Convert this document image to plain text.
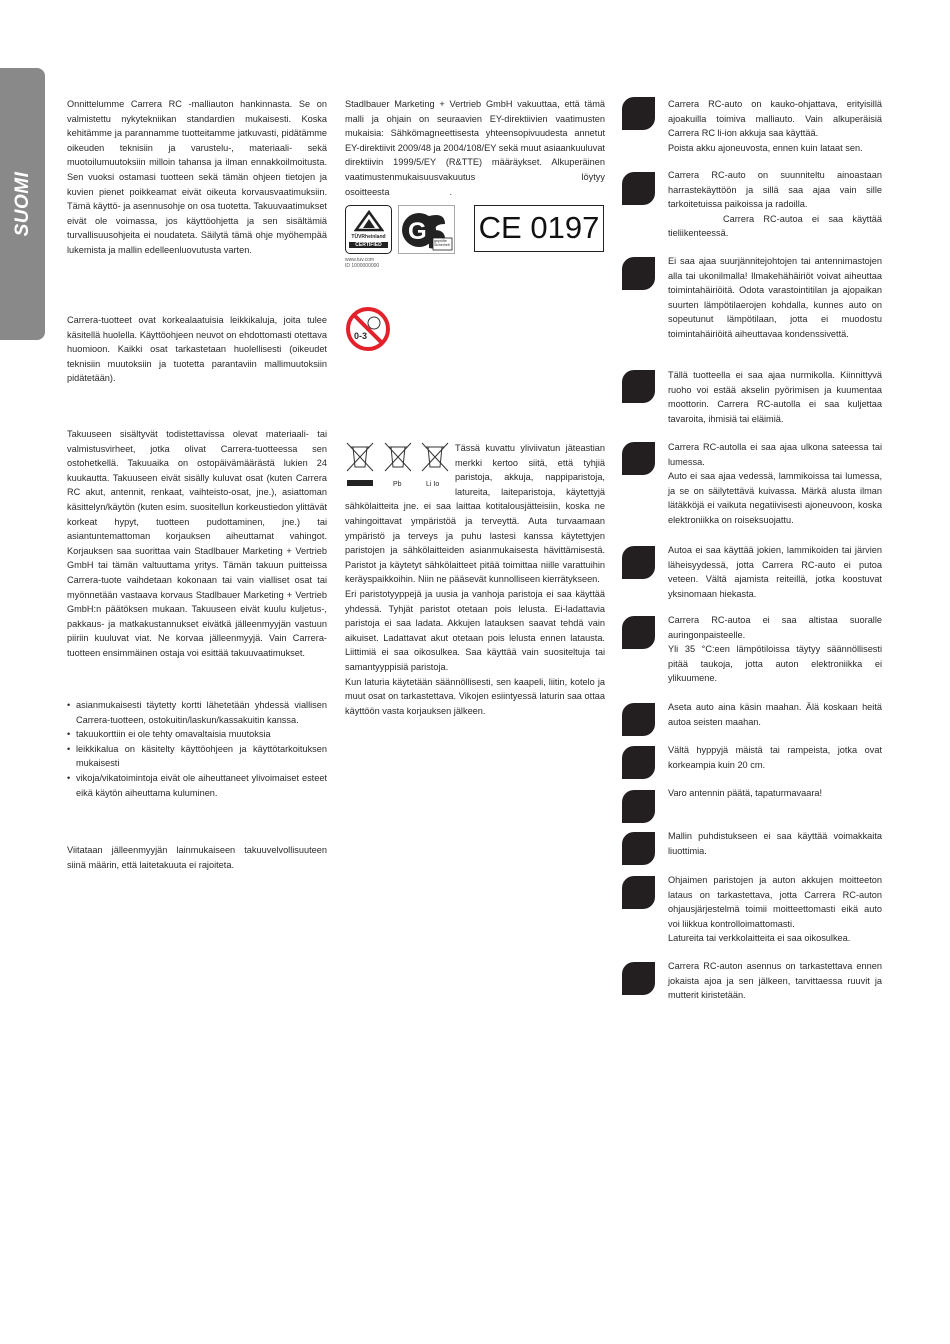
SUOMI

Onnittelumme Carrera RC -malliauton hankinnasta. Se on valmistettu nykytekniikan standardien mukaisesti. Koska kehitämme ja parannamme tuotteitamme jatkuvasti, pidätämme oikeuden teknisiin ja varustelu-, materiaali- sekä muotoilumuutoksiin milloin tahansa ja ilman ennakkoilmoitusta. Sen vuoksi ostamasi tuotteen sekä tämän ohjeen tietojen ja kuvien pienet poikkeamat eivät oikeuta korvausvaatimuksiin. Tämä käyttö- ja asennusohje on osa tuotetta. Takuuvaatimukset eivät ole voimassa, jos käyttöohjetta ja sen sisältämiä turvallisuusohjeita ei noudateta. Säilytä tämä ohje myöhempää lukemista ja mallin edelleenluovutusta varten.

Carrera-tuotteet ovat korkealaatuisia leikkikaluja, joita tulee käsitellä huolella. Käyttöohjeen neuvot on ehdottomasti otettava huomioon. Kaikki osat tarkastetaan huolellisesti (oikeudet teknisiin muutoksiin ja tuotetta parantaviin mallimuutoksiin pidätetään).

Takuuseen sisältyvät todistettavissa olevat materiaali- tai valmistusvirheet, jotka olivat Carrera-tuotteessa sen ostohetkellä. Takuuaika on ostopäivämäärästä lukien 24 kuukautta. Takuuseen eivät sisälly kuluvat osat (kuten Carrera RC akut, antennit, renkaat, vaihteisto-osat, jne.), asiattoman käsittelyn/käytön (kuten esim. suositellun korkeustiedon ylittävät korkeat hypyt, tuotteen pudottaminen, jne.) tai asiantuntemattoman korjauksen aiheuttamat vahingot. Korjauksen saa suorittaa vain Stadlbauer Marketing + Vertrieb GmbH tai tämän valtuuttama yritys. Tämän takuun puitteissa Carrera-tuote vaihdetaan kokonaan tai vain vialliset osat tai myönnetään vastaava korvaus Stadlbauer Marketing + Vertrieb GmbH:n päätöksen mukaan. Takuuseen eivät kuulu kuljetus-, pakkaus- ja matkakustannukset eivätkä jälleenmyyjän vastuun piiriin kuuluvat viat. Ne korvaa jälleenmyyjä. Vain Carrera-tuotteen ensimmäinen ostaja voi esittää takuuvaatimukset.

• asianmukaisesti täytetty kortti lähetetään yhdessä viallisen Carrera-tuotteen, ostokuitin/laskun/kassakuitin kanssa.
• takuukorttiin ei ole tehty omavaltaisia muutoksia
• leikkikalua on käsitelty käyttöohjeen ja käyttötarkoituksen mukaisesti
• vikoja/vikatoimintoja eivät ole aiheuttaneet ylivoimaiset esteet eikä käytön aiheuttama kuluminen.

Viitataan jälleenmyyjän lainmukaiseen takuuvelvollisuuteen siinä määrin, että laitetakuuta ei rajoiteta.

Stadlbauer Marketing + Vertrieb GmbH vakuuttaa, että tämä malli ja ohjain on seuraavien EY-direktiivien vaatimusten mukaisia: Sähkömagneettisesta yhteensopivuudesta annetut EY-direktiivit 2009/48 ja 2004/108/EY sekä muut asiaankuuluvat direktiivin 1999/5/EY (R&TTE) määräykset. Alkuperäinen vaatimustenmukaisuusvakuutus löytyy osoitteesta	.

TÜVRheinland
CERTIFIED
www.tuv.com
ID 1000000000
G geprüfte Sicherheit CE 0197
0-3
Pb	Li Io
Tässä kuvattu yliviivatun jäteastian merkki kertoo siitä, että tyhjiä paristoja, akkuja, nappiparistoja, latureita, laiteparistoja, käytettyjä sähkölaitteita jne. ei saa laittaa kotitalousjätteisiin, koska ne vahingoittavat ympäristöä ja terveyttä. Auta turvaamaan ympäristö ja terveys ja puhu lastesi kanssa käytettyjen paristojen ja sähkölaitteiden asianmukaisesta hävittämisestä. Paristot ja käytetyt sähkölaitteet pitää toimittaa niille varattuihin keräyspaikkoihin. Niin ne pääsevät kunnolliseen kierrätykseen.
Eri paristotyyppejä ja uusia ja vanhoja paristoja ei saa käyttää yhdessä. Tyhjät paristot otetaan pois lelusta. Ei-ladattavia paristoja ei saa ladata. Akkujen latauksen saavat tehdä vain aikuiset. Ladattavat akut otetaan pois lelusta ennen latausta. Liittimiä ei saa oikosulkea. Saa käyttää vain suositeltuja tai samantyyppisiä paristoja.
Kun laturia käytetään säännöllisesti, sen kaapeli, liitin, kotelo ja muut osat on tarkastettava. Vikojen esiintyessä laturin saa ottaa käyttöön vasta korjauksen jälkeen.
Carrera RC-auto on kauko-ohjattava, erityisillä ajoakuilla toimiva malliauto. Vain alkuperäisiä Carrera RC li-ion akkuja saa käyttää.
Poista akku ajoneuvosta, ennen kuin lataat sen.
Carrera RC-auto on suunniteltu ainoastaan harrastekäyttöön ja sillä saa ajaa vain sille tarkoitetuissa paikoissa ja radoilla.
Carrera RC-autoa ei saa käyttää tieliikenteessä.
Ei saa ajaa suurjännitejohtojen tai antennimastojen alla tai ukonilmalla! Ilmakehähäiriöt voivat aiheuttaa toimintahäiriöitä. Odota varastointitilan ja ajopaikan suurten lämpötilaerojen kohdalla, kunnes auto on sopeutunut lämpötilaan, jotta ei muodostu toimintahäiriöitä aiheuttavaa kondenssivettä.
Tällä tuotteella ei saa ajaa nurmikolla. Kiinnittyvä ruoho voi estää akselin pyörimisen ja kuumentaa moottorin. Carrera RC-autolla ei saa kuljettaa tavaroita, ihmisiä tai eläimiä.
Carrera RC-autolla ei saa ajaa ulkona sateessa tai lumessa.
Auto ei saa ajaa vedessä, lammikoissa tai lumessa, ja se on säilytettävä kuivassa. Märkä alusta ilman lätäkköjä ei vaikuta negatiivisesti ajoneuvoon, koska elektroniikka on roiseksuojattu.
Autoa ei saa käyttää jokien, lammikoiden tai järvien läheisyydessä, jotta Carrera RC-auto ei putoa veteen. Vältä ajamista reiteillä, jotka koostuvat yksinomaan hiekasta.
Carrera RC-autoa ei saa altistaa suoralle auringonpaisteelle.
Yli 35 °C:een lämpötiloissa täytyy säännöllisesti pitää taukoja, jotta auton elektroniikka ei ylikuumene.
Aseta auto aina käsin maahan. Älä koskaan heitä autoa seisten maahan.
Vältä hyppyjä mäistä tai rampeista, jotka ovat korkeampia kuin 20 cm.
Varo antennin päätä, tapaturmavaara!
Mallin puhdistukseen ei saa käyttää voimakkaita liuottimia.
Ohjaimen paristojen ja auton akkujen moitteeton lataus on tarkastettava, jotta Carrera RC-auton ohjausjärjestelmä toimii moitteettomasti eikä auto voi liikkua kontrolloimattomasti.
Latureita tai verkkolaitteita ei saa oikosulkea.
Carrera RC-auton asennus on tarkastettava ennen jokaista ajoa ja sen jälkeen, tarvittaessa ruuvit ja mutterit kiristetään.
